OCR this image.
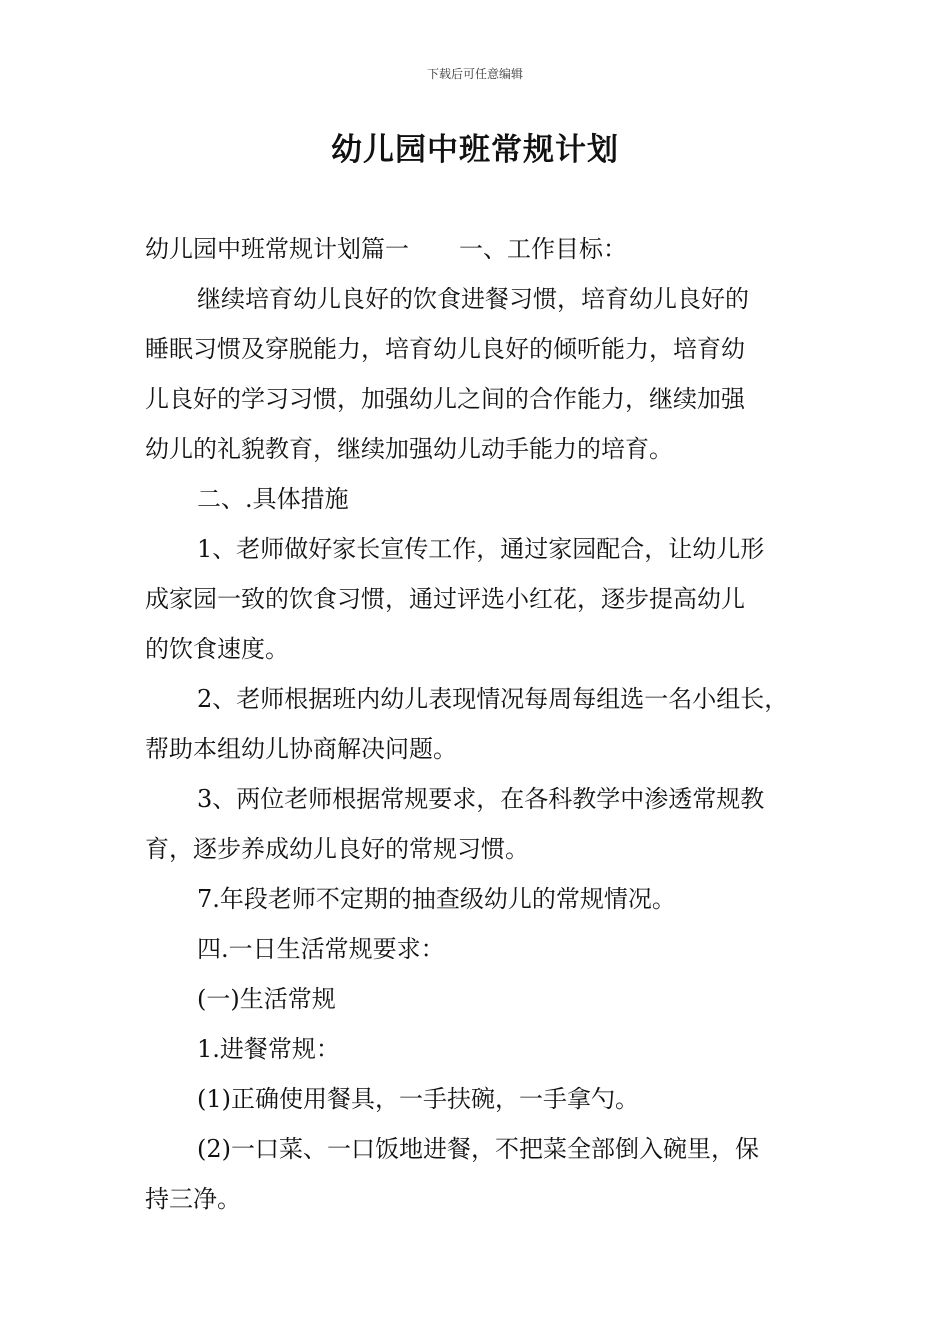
下载后可任意编辑
幼儿园中班常规计划

幼儿园中班常规计划篇一 一、工作目标：

继续培育幼儿良好的饮食进餐习惯，培育幼儿良好的

睡眠习惯及穿脱能力，培育幼儿良好的倾听能力，培育幼

儿良好的学习习惯，加强幼儿之间的合作能力，继续加强

幼儿的礼貌教育，继续加强幼儿动手能力的培育。

二、.具体措施

1、老师做好家长宣传工作，通过家园配合，让幼儿形

成家园一致的饮食习惯，通过评选小红花，逐步提高幼儿

的饮食速度。

2、老师根据班内幼儿表现情况每周每组选一名小组长，

帮助本组幼儿协商解决问题。

3、两位老师根据常规要求，在各科教学中渗透常规教

育，逐步养成幼儿良好的常规习惯。

7.年段老师不定期的抽查级幼儿的常规情况。

四.一日生活常规要求：

(一)生活常规

1.进餐常规：

(1)正确使用餐具，一手扶碗，一手拿勺。

(2)一口菜、一口饭地进餐，不把菜全部倒入碗里，保

持三净。
